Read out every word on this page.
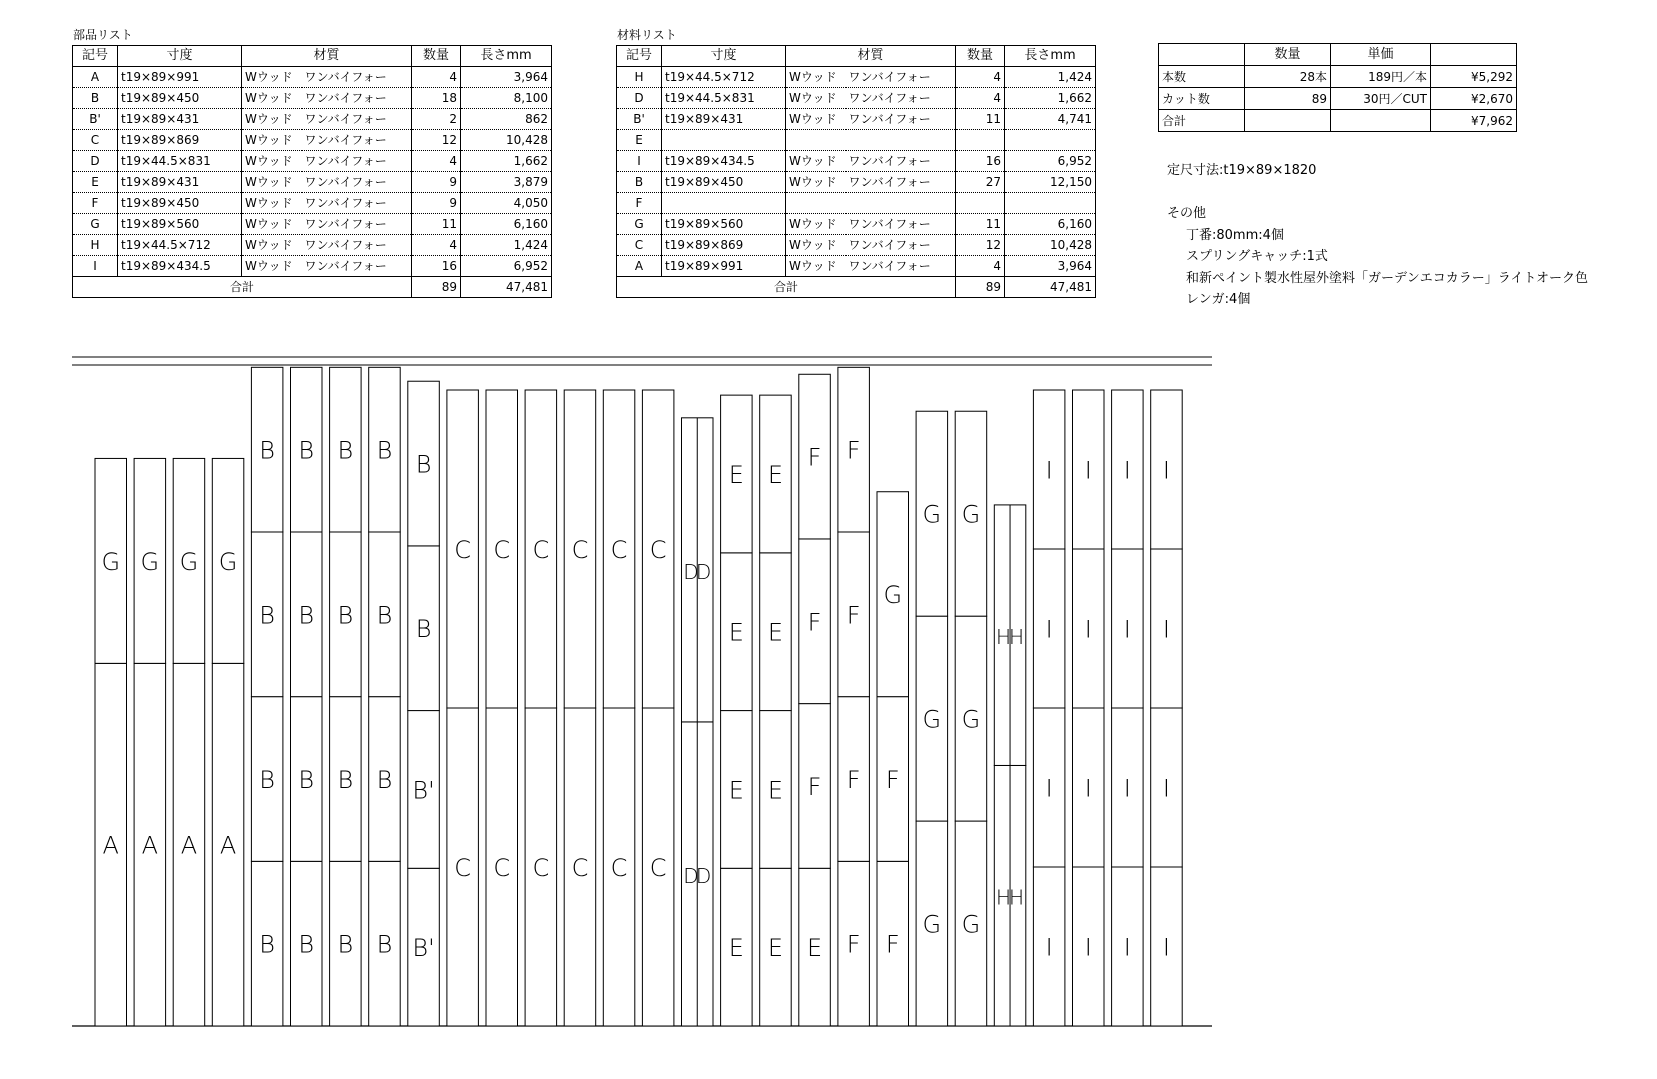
部品リスト
記号	寸度	材質		数量	長さmm
A	t19×89×991	Wウッド	ワンバイフォー	4	3,964
B	t19×89×450	Wウッド	ワンバイフォー	18	8,100
B'	t19×89×431	Wウッド	ワンバイフォー	2	862
C	t19×89×869	Wウッド	ワンバイフォー	12	10,428
D	t19×44.5×831	Wウッド	ワンバイフォー	4	1,662
E	t19×89×431	Wウッド	ワンバイフォー	9	3,879
F	t19×89×450	Wウッド	ワンバイフォー	9	4,050
G	t19×89×560	Wウッド	ワンバイフォー	11	6,160
H	t19×44.5×712	Wウッド	ワンバイフォー	4	1,424
I	t19×89×434.5	Wウッド	ワンバイフォー	16	6,952
合計				89	47,481
材料リスト
記号	寸度	材質		数量	長さmm
H	t19×44.5×712	Wウッド	ワンバイフォー	4	1,424
D	t19×44.5×831	Wウッド	ワンバイフォー	4	1,662
B'	t19×89×431	Wウッド	ワンバイフォー	11	4,741
E					
I	t19×89×434.5	Wウッド	ワンバイフォー	16	6,952
B	t19×89×450	Wウッド	ワンバイフォー	27	12,150
F					
G	t19×89×560	Wウッド	ワンバイフォー	11	6,160
C	t19×89×869	Wウッド	ワンバイフォー	12	10,428
A	t19×89×991	Wウッド	ワンバイフォー	4	3,964
合計				89	47,481
	数量	単価	
本数	28本	189円／本	¥5,292
カット数	89	30円／CUT	¥2,670
合計			¥7,962
定尺寸法:t19×89×1820
その他
丁番:80mm:4個
スプリングキャッチ:1式
和新ペイント製水性屋外塗料「ガーデンエコカラー」ライトオーク色
レンガ:4個
A
G
A
G
A
G
A
G
B
B
B
B
B
B
B
B
B
B
B
B
B
B
B
B
B'
B'
B
B
C
C
C
C
C
C
C
C
C
C
C
C
DD
DD
E
E
E
E
E
E
E
E
E
F
F
F
F
F
F
F
F
F
G
G
G
G
G
G
G
HH
HH
I
I
I
I
I
I
I
I
I
I
I
I
I
I
I
I
